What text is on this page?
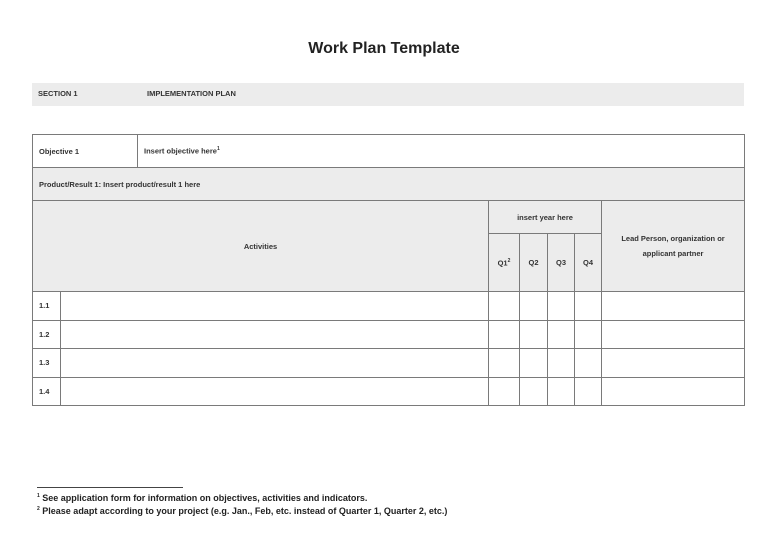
Work Plan Template
SECTION 1	IMPLEMENTATION PLAN
Objective 1		Insert objective here$^1$
Product/Result 1: Insert product/result 1 here							
Activities			insert year here				Lead Person, organization or applicant partner
			$Q1^2$	Q2	Q3	Q4	
1.1							
1.2							
1.3							
1.4							
$^1$ See application form for information on objectives, activities and indicators.
$^2$ Please adapt according to your project (e.g. Jan., Feb, etc. instead of Quarter 1, Quarter 2, etc.)
